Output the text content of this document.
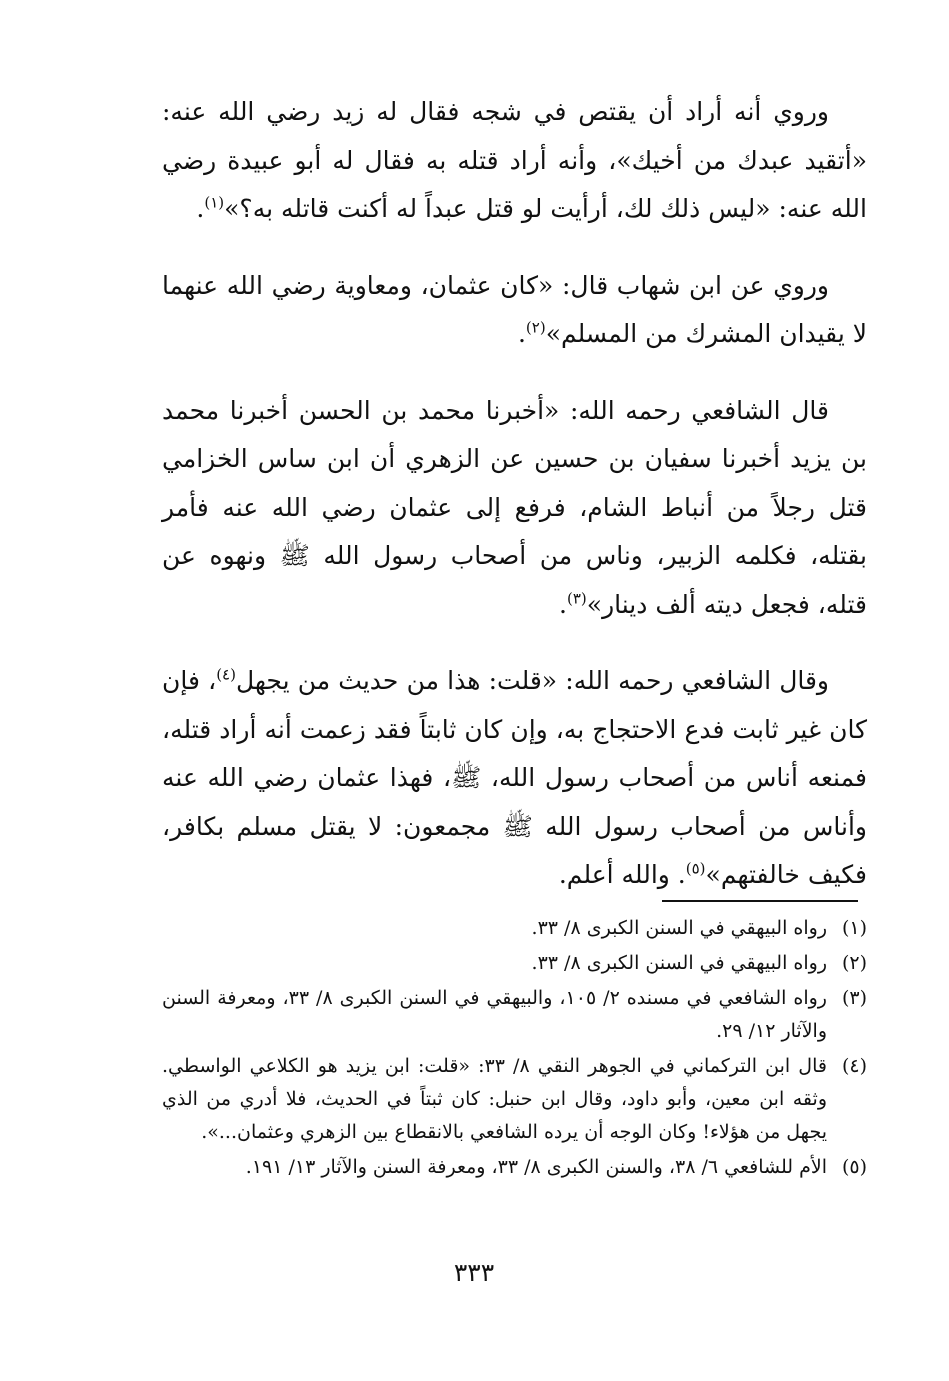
وروي أنه أراد أن يقتص في شجه فقال له زيد رضي الله عنه: «أتقيد عبدك من أخيك»، وأنه أراد قتله به فقال له أبو عبيدة رضي الله عنه: «ليس ذلك لك، أرأيت لو قتل عبداً له أكنت قاتله به؟»$^{(١)}$.

وروي عن ابن شهاب قال: «كان عثمان، ومعاوية رضي الله عنهما لا يقيدان المشرك من المسلم»$^{(٢)}$.

قال الشافعي رحمه الله: «أخبرنا محمد بن الحسن أخبرنا محمد بن يزيد أخبرنا سفيان بن حسين عن الزهري أن ابن ساس الخزامي قتل رجلاً من أنباط الشام، فرفع إلى عثمان رضي الله عنه فأمر بقتله، فكلمه الزبير، وناس من أصحاب رسول الله ﷺ ونهوه عن قتله، فجعل ديته ألف دينار»$^{(٣)}$.

وقال الشافعي رحمه الله: «قلت: هذا من حديث من يجهل$^{(٤)}$، فإن كان غير ثابت فدع الاحتجاج به، وإن كان ثابتاً فقد زعمت أنه أراد قتله، فمنعه أناس من أصحاب رسول الله، ﷺ، فهذا عثمان رضي الله عنه وأناس من أصحاب رسول الله ﷺ مجمعون: لا يقتل مسلم بكافر، فكيف خالفتهم»$^{(٥)}$. والله أعلم.

(١)
رواه البيهقي في السنن الكبرى ٨/ ٣٣.
(٢)
رواه البيهقي في السنن الكبرى ٨/ ٣٣.
(٣)
رواه الشافعي في مسنده ٢/ ١٠٥، والبيهقي في السنن الكبرى ٨/ ٣٣، ومعرفة السنن والآثار ١٢/ ٢٩.
(٤)
قال ابن التركماني في الجوهر النقي ٨/ ٣٣: «قلت: ابن يزيد هو الكلاعي الواسطي. وثقه ابن معين، وأبو داود، وقال ابن حنبل: كان ثبتاً في الحديث، فلا أدري من الذي يجهل من هؤلاء! وكان الوجه أن يرده الشافعي بالانقطاع بين الزهري وعثمان...».
(٥)
الأم للشافعي ٦/ ٣٨، والسنن الكبرى ٨/ ٣٣، ومعرفة السنن والآثار ١٣/ ١٩١.
٣٣٣
